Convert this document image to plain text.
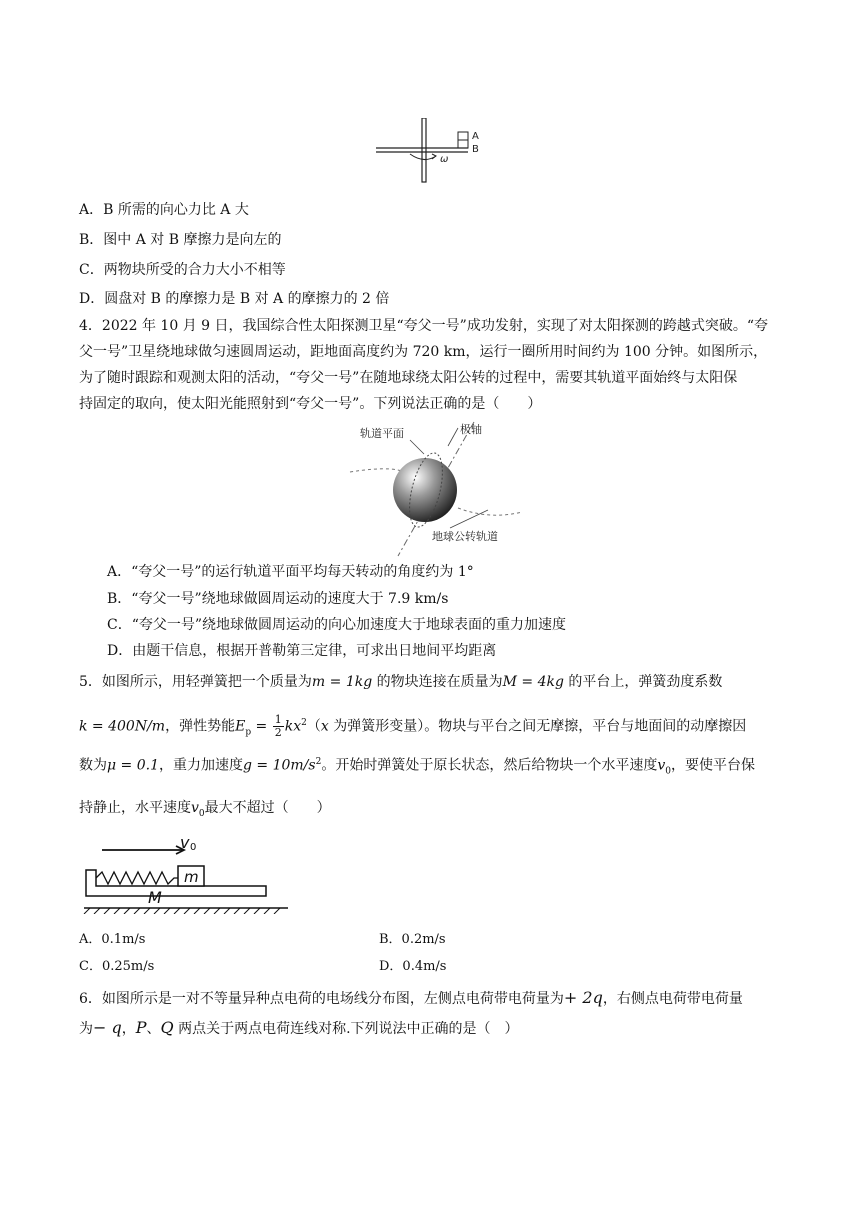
A
B
ω
A．B 所需的向心力比 A 大
B．图中 A 对 B 摩擦力是向左的
C．两物块所受的合力大小不相等
D．圆盘对 B 的摩擦力是 B 对 A 的摩擦力的 2 倍
4．2022 年 10 月 9 日，我国综合性太阳探测卫星“夸父一号”成功发射，实现了对太阳探测的跨越式突破。“夸
父一号”卫星绕地球做匀速圆周运动，距地面高度约为 720 km，运行一圈所用时间约为 100 分钟。如图所示，
为了随时跟踪和观测太阳的活动，“夸父一号”在随地球绕太阳公转的过程中，需要其轨道平面始终与太阳保
持固定的取向，使太阳光能照射到“夸父一号”。下列说法正确的是（　　）
轨道平面	极轴
地球公转轨道
A．“夸父一号”的运行轨道平面平均每天转动的角度约为 1°
B．“夸父一号”绕地球做圆周运动的速度大于 7.9 km/s
C．“夸父一号”绕地球做圆周运动的向心加速度大于地球表面的重力加速度
D．由题干信息，根据开普勒第三定律，可求出日地间平均距离
5．如图所示，用轻弹簧把一个质量为m = 1kg 的物块连接在质量为M = 4kg 的平台上，弹簧劲度系数
k = 400N/m，弹性势能$E_p = \frac{1}{2} kx^2(x$ 为弹簧形变量）。物块与平台之间无摩擦，平台与地面间的动摩擦因
数为μ = 0.1，重力加速度$g = 10m/s^2$。开始时弹簧处于原长状态，然后给物块一个水平速度$v_0$，要使平台保
持静止，水平速度$v_0$最大不超过（　　）
v 0
m
M
A．0.1m/s	B．0.2m/s
C．0.25m/s	D．0.4m/s
6．如图所示是一对不等量异种点电荷的电场线分布图，左侧点电荷带电荷量为+ 2q，右侧点电荷带电荷量
为− q，P、Q 两点关于两点电荷连线对称.下列说法中正确的是（　）
